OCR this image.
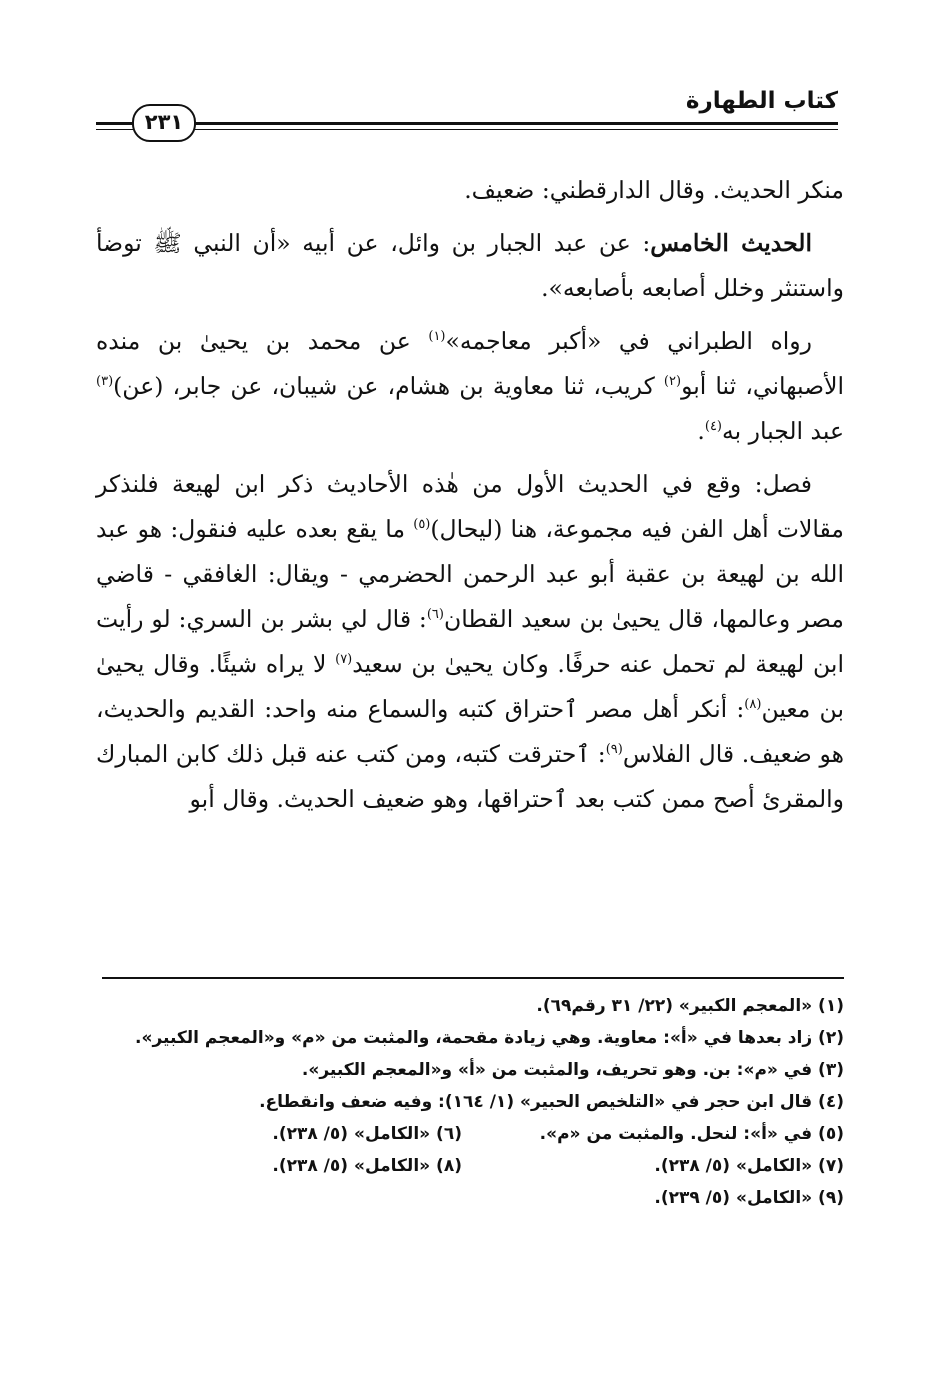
كتاب الطهارة
٢٣١

منكر الحديث. وقال الدارقطني: ضعيف.

الحديث الخامس: عن عبد الجبار بن وائل، عن أبيه «أن النبي ﷺ توضأ واستنثر وخلل أصابعه بأصابعه».

رواه الطبراني في «أكبر معاجمه»$^{(١)}$ عن محمد بن يحيىٰ بن منده الأصبهاني، ثنا أبو$^{(٢)}$ كريب، ثنا معاوية بن هشام، عن شيبان، عن جابر، (عن)$^{(٣)}$ عبد الجبار به$^{(٤)}$.

فصل: وقع في الحديث الأول من هٰذه الأحاديث ذكر ابن لهيعة فلنذكر مقالات أهل الفن فيه مجموعة، هنا (ليحال)$^{(٥)}$ ما يقع بعده عليه فنقول: هو عبد الله بن لهيعة بن عقبة أبو عبد الرحمن الحضرمي - ويقال: الغافقي - قاضي مصر وعالمها، قال يحيىٰ بن سعيد القطان$^{(٦)}$: قال لي بشر بن السري: لو رأيت ابن لهيعة لم تحمل عنه حرفًا. وكان يحيىٰ بن سعيد$^{(٧)}$ لا يراه شيئًا. وقال يحيىٰ بن معين$^{(٨)}$: أنكر أهل مصر ٱحتراق كتبه والسماع منه واحد: القديم والحديث، هو ضعيف. قال الفلاس$^{(٩)}$: ٱحترقت كتبه، ومن كتب عنه قبل ذلك كابن المبارك والمقرئ أصح ممن كتب بعد ٱحتراقها، وهو ضعيف الحديث. وقال أبو

(١) «المعجم الكبير» (٢٢/ ٣١ رقم٦٩).
(٢) زاد بعدها في «أ»: معاوية. وهي زيادة مقحمة، والمثبت من «م» و«المعجم الكبير».
(٣) في «م»: بن. وهو تحريف، والمثبت من «أ» و«المعجم الكبير».
(٤) قال ابن حجر في «التلخيص الحبير» (١/ ١٦٤): وفيه ضعف وانقطاع.
(٥) في «أ»: لنحل. والمثبت من «م».(٦) «الكامل» (٥/ ٢٣٨).
(٧) «الكامل» (٥/ ٢٣٨).(٨) «الكامل» (٥/ ٢٣٨).
(٩) «الكامل» (٥/ ٢٣٩).
